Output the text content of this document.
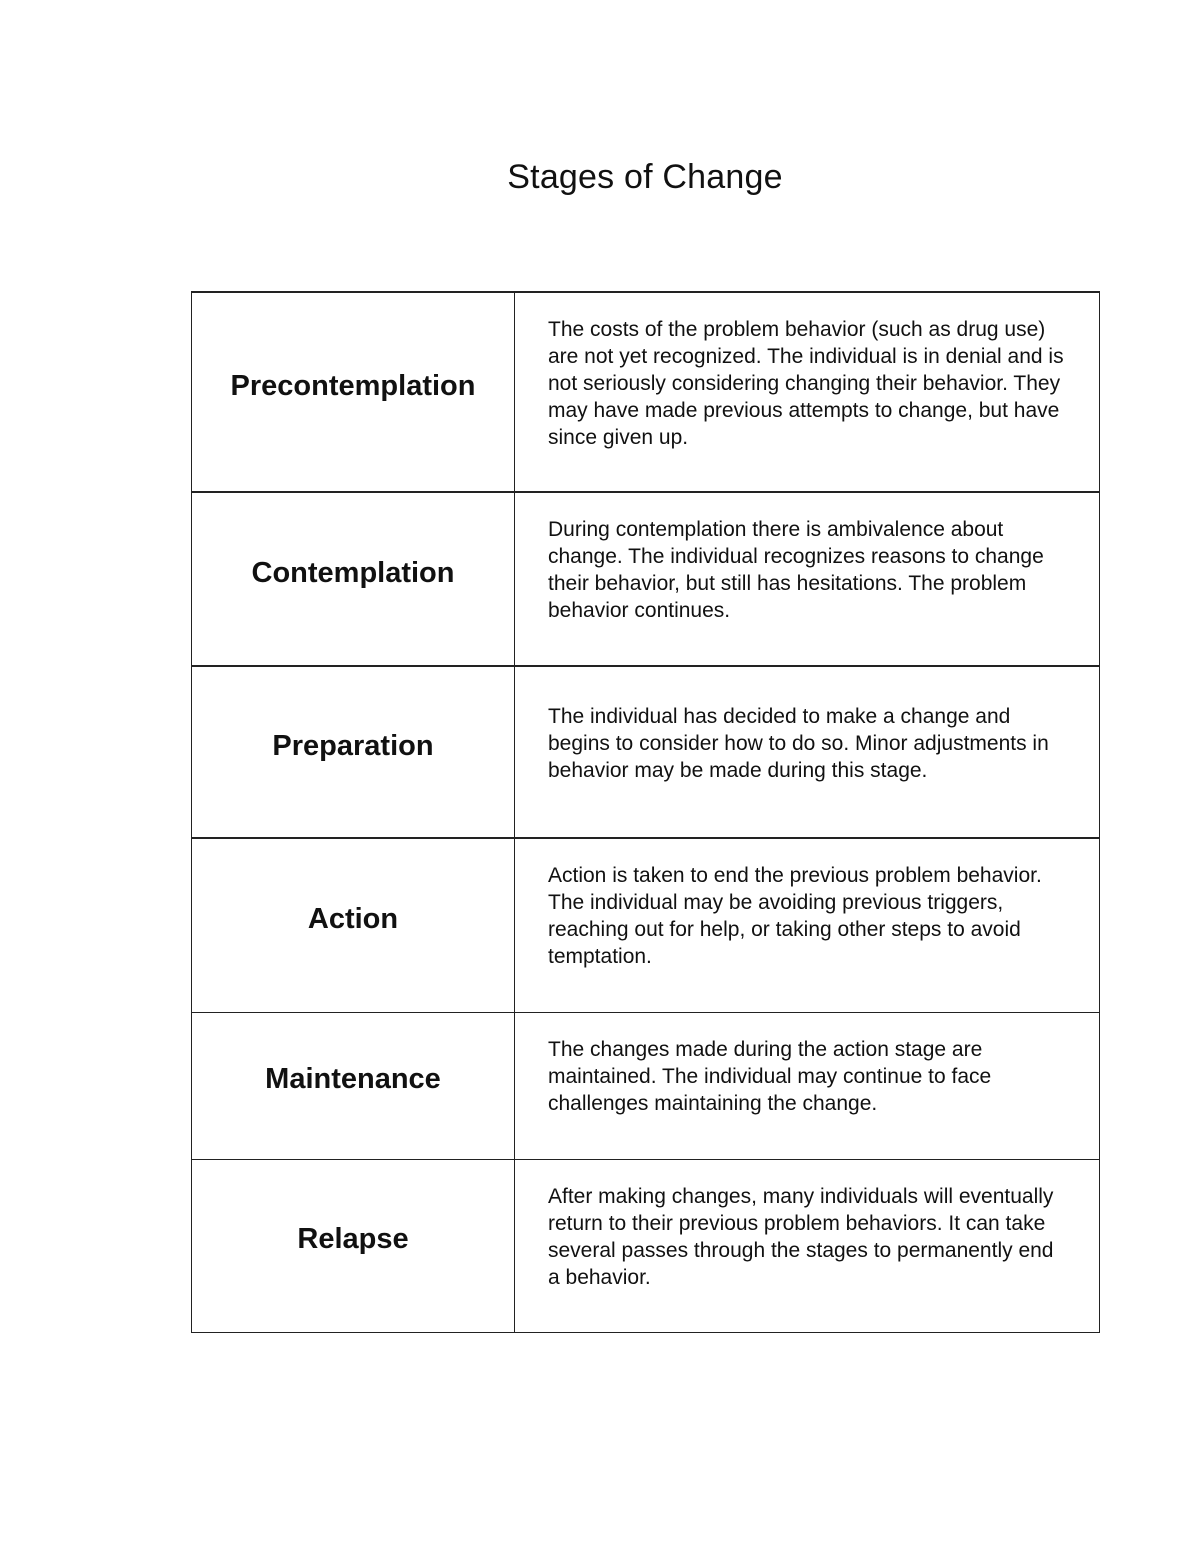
Stages of Change
Precontemplation	The costs of the problem behavior (such as drug use) are not yet recognized. The individual is in denial and is not seriously considering changing their behavior. They may have made previous attempts to change, but have since given up.

Contemplation	During contemplation there is ambivalence about change. The individual recognizes reasons to change their behavior, but still has hesitations. The problem behavior continues.

Preparation	The individual has decided to make a change and begins to consider how to do so. Minor adjustments in behavior may be made during this stage.

Action	Action is taken to end the previous problem behavior. The individual may be avoiding previous triggers, reaching out for help, or taking other steps to avoid temptation.

Maintenance	The changes made during the action stage are maintained. The individual may continue to face challenges maintaining the change.

Relapse	After making changes, many individuals will eventually return to their previous problem behaviors. It can take several passes through the stages to permanently end a behavior.
